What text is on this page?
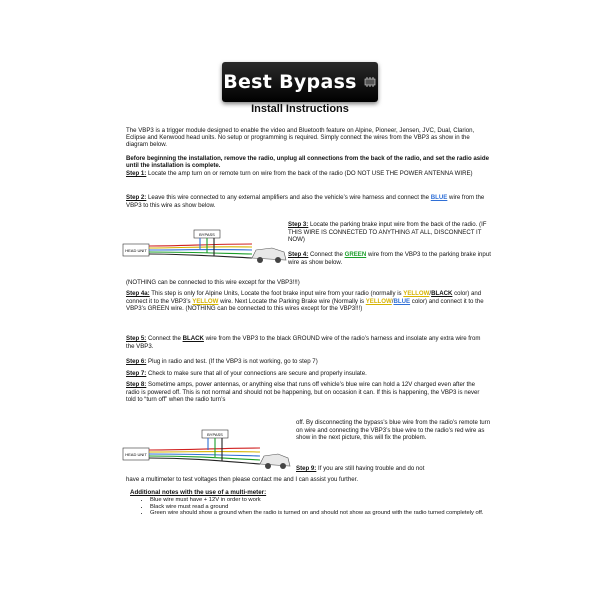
Best Bypass
Install Instructions
The VBP3 is a trigger module designed to enable the video and Bluetooth feature on Alpine, Pioneer, Jensen, JVC, Dual, Clarion, Eclipse and Kenwood head units. No setup or programming is required. Simply connect the wires from the VBP3 as show in the diagram below.
Before beginning the installation, remove the radio, unplug all connections from the back of the radio, and set the radio aside until the installation is complete.
Step 1: Locate the amp turn on or remote turn on wire from the back of the radio (DO NOT USE THE POWER ANTENNA WIRE)
Step 2: Leave this wire connected to any external amplifiers and also the vehicle’s wire harness and connect the BLUE wire from the VBP3 to this wire as show below.
HEAD UNIT
BYPASS
Step 3: Locate the parking brake input wire from the back of the radio. (IF THIS WIRE IS CONNECTED TO ANYTHING AT ALL, DISCONNECT IT NOW)
Step 4: Connect the GREEN wire from the VBP3 to the parking brake input wire as show below.
(NOTHING can be connected to this wire except for the VBP3!!!)
Step 4a: This step is only for Alpine Units, Locate the foot brake input wire from your radio (normally is YELLOW/BLACK color) and connect it to the VBP3’s YELLOW wire. Next Locate the Parking Brake wire (Normally is YELLOW/BLUE color) and connect it to the VBP3’s GREEN wire. (NOTHING can be connected to this wires except for the VBP3!!!)
Step 5: Connect the BLACK wire from the VBP3 to the black GROUND wire of the radio’s harness and insolate any extra wire from the VBP3.
Step 6: Plug in radio and test. (If the VBP3 is not working, go to step 7)
Step 7: Check to make sure that all of your connections are secure and properly insulate.
Step 8: Sometime amps, power antennas, or anything else that runs off vehicle’s blue wire can hold a 12V charged even after the radio is powered off. This is not normal and should not be happening, but on occasion it can. If this is happening, the VBP3 is never told to “turn off” when the radio turn’s
off. By disconnecting the bypass’s blue wire from the radio’s remote turn on wire and connecting the VBP3’s blue wire to the radio’s red wire as show in the next picture, this will fix the problem.
HEAD UNIT
BYPASS
Step 9: If you are still having trouble and do not
have a multimeter to test voltages then please contact me and I can assist you further.
Additional notes with the use of a multi-meter:
• Blue wire must have + 12V in order to work
• Black wire must read a ground
• Green wire should show a ground when the radio is turned on and should not show as ground with the radio turned completely off.
